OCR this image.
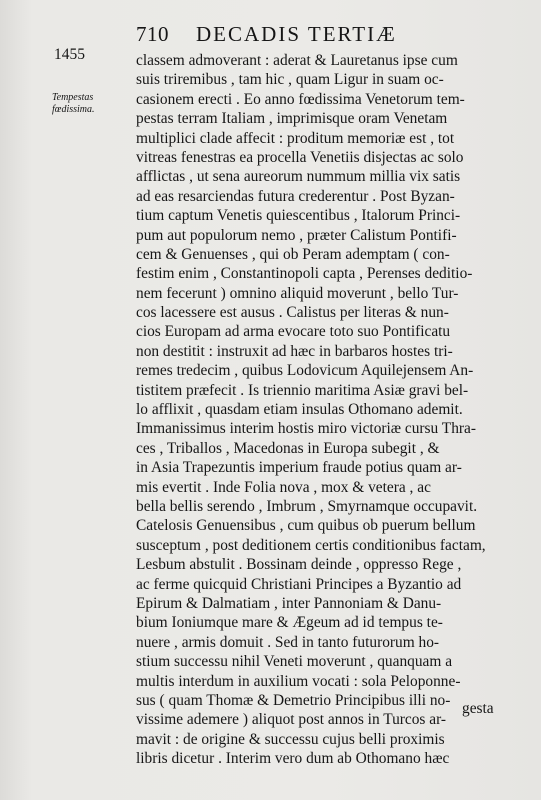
710 DECADIS TERTIÆ
1455
Tempestas
fœdissima.
classem admoverant : aderat & Lauretanus ipse cum
suis triremibus , tam hic , quam Ligur in suam oc-
casionem erecti . Eo anno fœdissima Venetorum tem-
pestas terram Italiam , imprimisque oram Venetam
multiplici clade affecit : proditum memoriæ est , tot
vitreas fenestras ea procella Venetiis disjectas ac solo
afflictas , ut sena aureorum nummum millia vix satis
ad eas resarciendas futura crederentur . Post Byzan-
tium captum Venetis quiescentibus , Italorum Princi-
pum aut populorum nemo , præter Calistum Pontifi-
cem & Genuenses , qui ob Peram ademptam ( con-
festim enim , Constantinopoli capta , Perenses deditio-
nem fecerunt ) omnino aliquid moverunt , bello Tur-
cos lacessere est ausus . Calistus per literas & nun-
cios Europam ad arma evocare toto suo Pontificatu
non destitit : instruxit ad hæc in barbaros hostes tri-
remes tredecim , quibus Lodovicum Aquilejensem An-
tistitem præfecit . Is triennio maritima Asiæ gravi bel-
lo afflixit , quasdam etiam insulas Othomano ademit.
Immanissimus interim hostis miro victoriæ cursu Thra-
ces , Triballos , Macedonas in Europa subegit , &
in Asia Trapezuntis imperium fraude potius quam ar-
mis evertit . Inde Folia nova , mox & vetera , ac
bella bellis serendo , Imbrum , Smyrnamque occupavit.
Catelosis Genuensibus , cum quibus ob puerum bellum
susceptum , post deditionem certis conditionibus factam,
Lesbum abstulit . Bossinam deinde , oppresso Rege ,
ac ferme quicquid Christiani Principes a Byzantio ad
Epirum & Dalmatiam , inter Pannoniam & Danu-
bium Ioniumque mare & Ægeum ad id tempus te-
nuere , armis domuit . Sed in tanto futurorum ho-
stium successu nihil Veneti moverunt , quanquam a
multis interdum in auxilium vocati : sola Peloponne-
sus ( quam Thomæ & Demetrio Principibus illi no-
vissime ademere ) aliquot post annos in Turcos ar-
mavit : de origine & successu cujus belli proximis
libris dicetur . Interim vero dum ab Othomano hæc
gesta
